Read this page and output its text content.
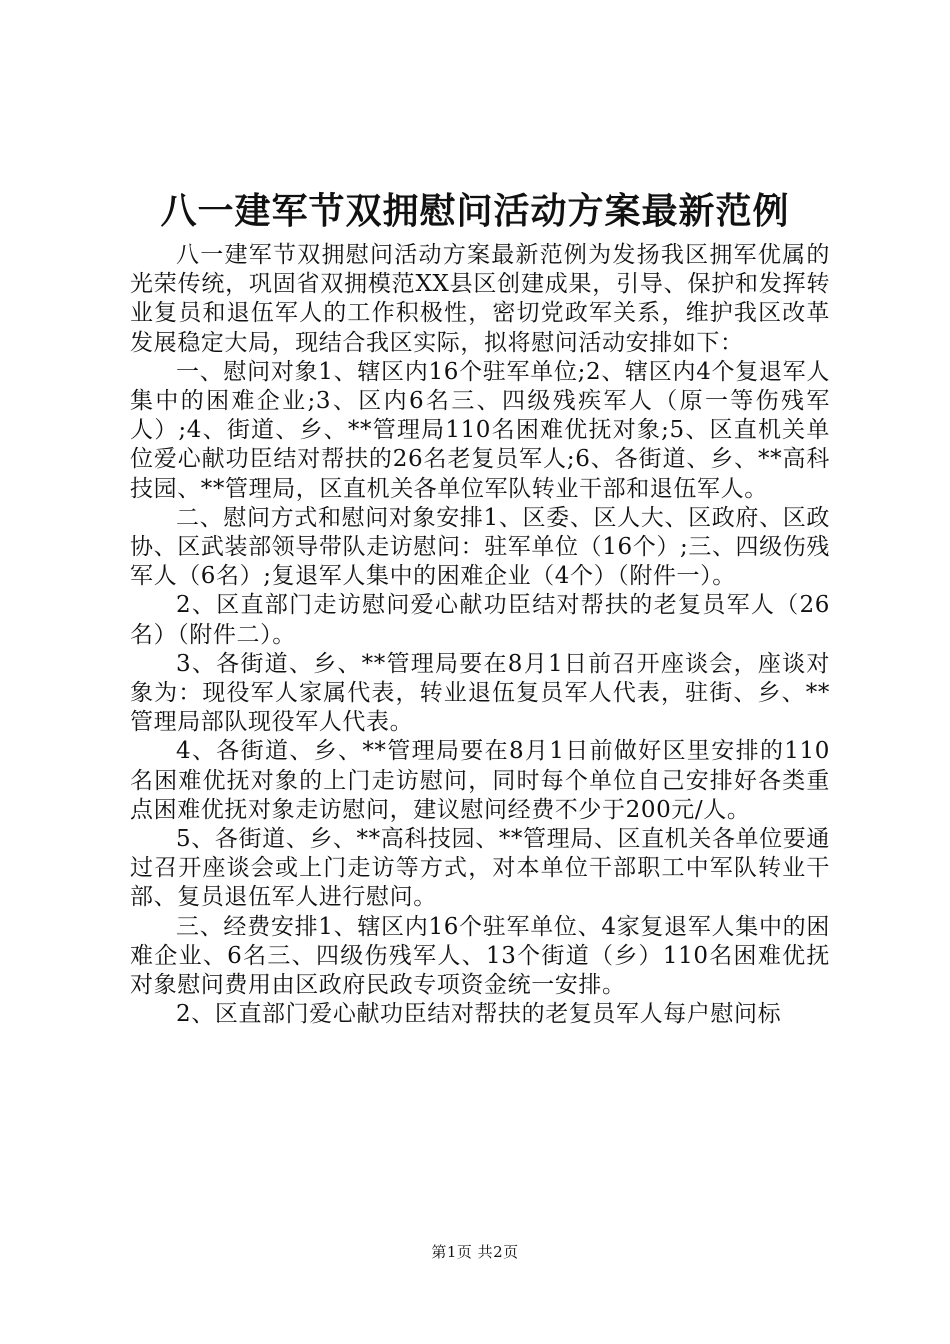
八一建军节双拥慰问活动方案最新范例

八一建军节双拥慰问活动方案最新范例为发扬我区拥军优属的光荣传统，巩固省双拥模范XX县区创建成果，引导、保护和发挥转业复员和退伍军人的工作积极性，密切党政军关系，维护我区改革发展稳定大局，现结合我区实际，拟将慰问活动安排如下：

一、慰问对象1、辖区内16个驻军单位;2、辖区内4个复退军人集中的困难企业;3、区内6名三、四级残疾军人（原一等伤残军人）;4、街道、乡、**管理局110名困难优抚对象;5、区直机关单位爱心献功臣结对帮扶的26名老复员军人;6、各街道、乡、**高科技园、**管理局，区直机关各单位军队转业干部和退伍军人。

二、慰问方式和慰问对象安排1、区委、区人大、区政府、区政协、区武装部领导带队走访慰问：驻军单位（16个）;三、四级伤残军人（6名）;复退军人集中的困难企业（4个）（附件一）。

2、区直部门走访慰问爱心献功臣结对帮扶的老复员军人（26名）（附件二）。

3、各街道、乡、**管理局要在8月1日前召开座谈会，座谈对象为：现役军人家属代表，转业退伍复员军人代表，驻街、乡、**管理局部队现役军人代表。

4、各街道、乡、**管理局要在8月1日前做好区里安排的110名困难优抚对象的上门走访慰问，同时每个单位自己安排好各类重点困难优抚对象走访慰问，建议慰问经费不少于200元/人。

5、各街道、乡、**高科技园、**管理局、区直机关各单位要通过召开座谈会或上门走访等方式，对本单位干部职工中军队转业干部、复员退伍军人进行慰问。

三、经费安排1、辖区内16个驻军单位、4家复退军人集中的困难企业、6名三、四级伤残军人、13个街道（乡）110名困难优抚对象慰问费用由区政府民政专项资金统一安排。

2、区直部门爱心献功臣结对帮扶的老复员军人每户慰问标

第1页 共2页
